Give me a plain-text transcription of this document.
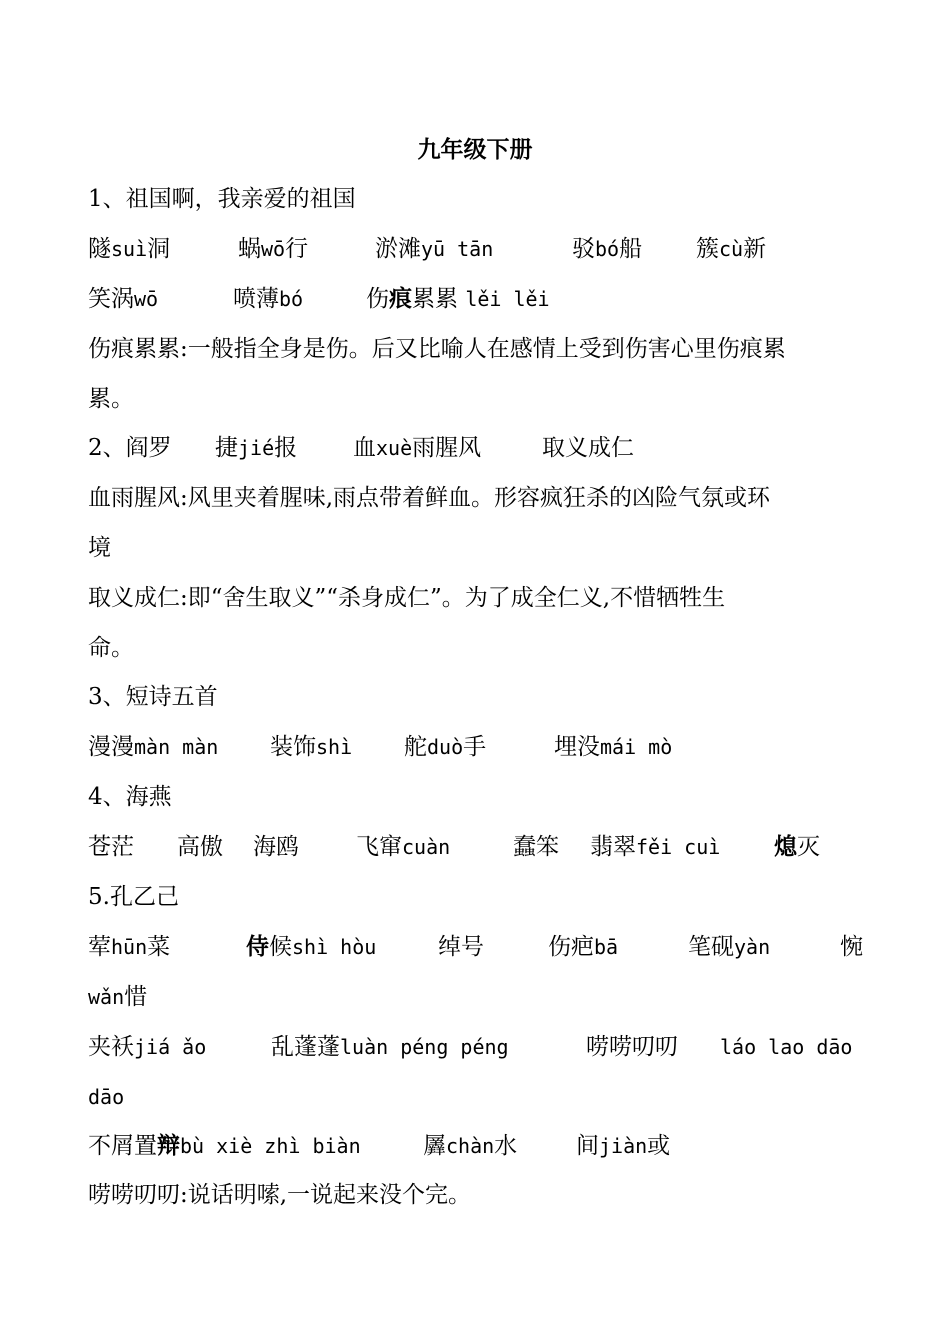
九年级下册
1、祖国啊，我亲爱的祖国
隧suì洞	蜗wō行	淤滩yū tān	驳bó船 簇cù新
笑涡wō	喷薄bó	伤痕累累 lěi lěi
伤痕累累:一般指全身是伤。后又比喻人在感情上受到伤害心里伤痕累
累。
2、阎罗 捷jié报 血xuè雨腥风	取义成仁
血雨腥风:风里夹着腥味,雨点带着鲜血。形容疯狂杀的凶险气氛或环
境
取义成仁:即“舍生取义”“杀身成仁”。为了成全仁义,不惜牺牲生
命。
3、短诗五首
漫漫màn màn 装饰shì 舵duò手	埋没mái mò
4、海燕
苍茫 高傲 海鸥 飞窜cuàn	蠢笨 翡翠fěi cuì 熄灭
5.孔乙己
荤hūn菜	侍候shì hòu	绰号	伤疤bā	笔砚yàn	惋
wǎn惜
夹袄jiá ǎo	乱蓬蓬luàn péng péng	唠唠叨叨 láo lao dāo
dāo
不屑置辩bù xiè zhì biàn	羼chàn水	间jiàn或
唠唠叨叨:说话明嗦,一说起来没个完。
